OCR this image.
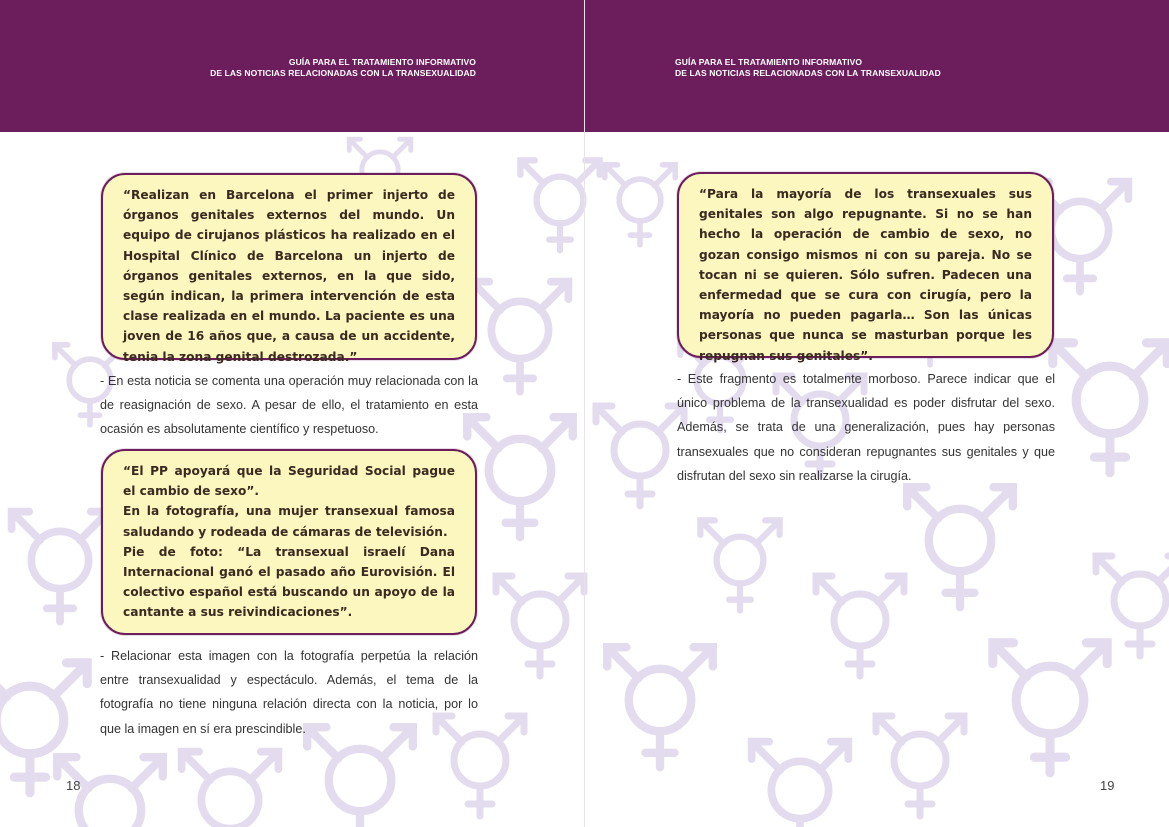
GUÍA PARA EL TRATAMIENTO INFORMATIVO
DE LAS NOTICIAS RELACIONADAS CON LA TRANSEXUALIDAD

“Realizan en Barcelona el primer injerto de órganos genitales externos del mundo. Un equipo de cirujanos plásticos ha realizado en el Hospital Clínico de Barcelona un injerto de órganos genitales externos, en la que sido, según indican, la primera intervención de esta clase realizada en el mundo. La paciente es una joven de 16 años que, a causa de un accidente, tenia la zona genital destrozada.”

- En esta noticia se comenta una operación muy relacionada con la de reasignación de sexo. A pesar de ello, el tratamiento en esta ocasión es absolutamente científico y respetuoso.

“El PP apoyará que la Seguridad Social pague el cambio de sexo”.

En la fotografía, una mujer transexual famosa saludando y rodeada de cámaras de televisión.

Pie de foto: “La transexual israelí Dana Internacional ganó el pasado año Eurovisión. El colectivo español está buscando un apoyo de la cantante a sus reivindicaciones”.

- Relacionar esta imagen con la fotografía perpetúa la relación entre transexualidad y espectáculo. Además, el tema de la fotografía no tiene ninguna relación directa con la noticia, por lo que la imagen en sí era prescindible.

18
GUÍA PARA EL TRATAMIENTO INFORMATIVO
DE LAS NOTICIAS RELACIONADAS CON LA TRANSEXUALIDAD

“Para la mayoría de los transexuales sus genitales son algo repugnante. Si no se han hecho la operación de cambio de sexo, no gozan consigo mismos ni con su pareja. No se tocan ni se quieren. Sólo sufren. Padecen una enfermedad que se cura con cirugía, pero la mayoría no pueden pagarla… Son las únicas personas que nunca se masturban porque les repugnan sus genitales”.

- Este fragmento es totalmente morboso. Parece indicar que el único problema de la transexualidad es poder disfrutar del sexo. Además, se trata de una generalización, pues hay personas transexuales que no consideran repugnantes sus genitales y que disfrutan del sexo sin realizarse la cirugía.

19
